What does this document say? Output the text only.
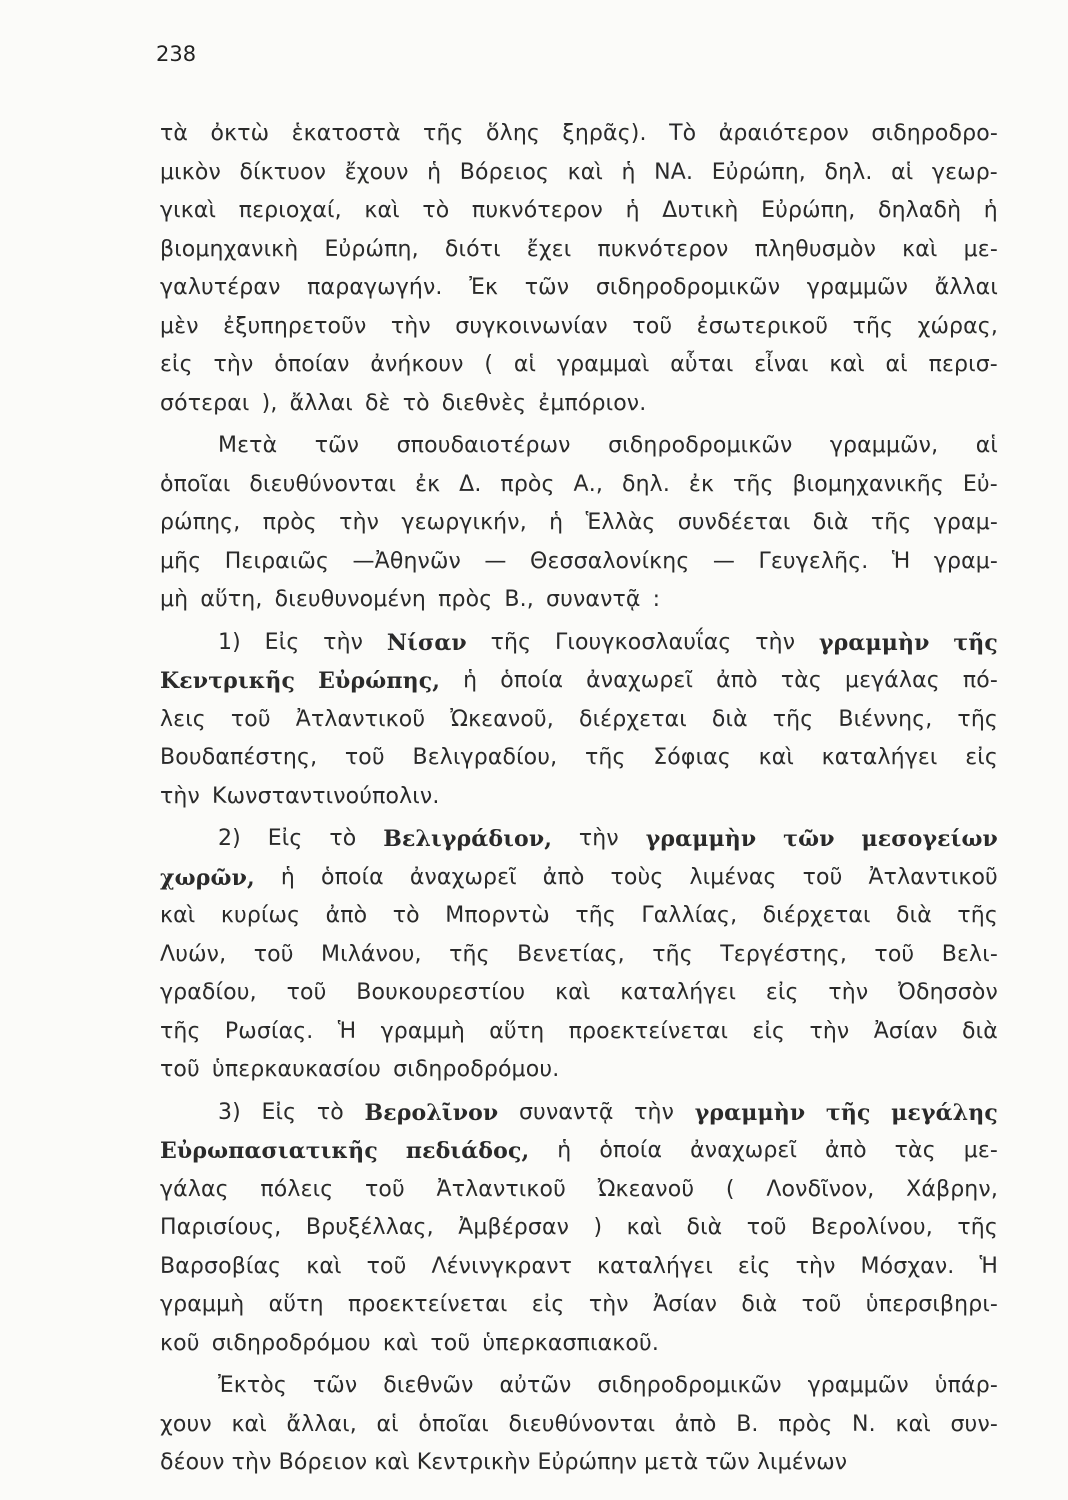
238
τὰ ὀκτὼ ἑκατοστὰ τῆς ὅλης ξηρᾶς). Τὸ ἀραιότερον σιδηροδρο-
μικὸν δίκτυον ἔχουν ἡ Βόρειος καὶ ἡ ΝΑ. Εὐρώπη, δηλ. αἱ γεωρ-
γικαὶ περιοχαί, καὶ τὸ πυκνότερον ἡ Δυτικὴ Εὐρώπη, δηλαδὴ ἡ
βιομηχανικὴ Εὐρώπη, διότι ἔχει πυκνότερον πληθυσμὸν καὶ με-
γαλυτέραν παραγωγήν. Ἐκ τῶν σιδηροδρομικῶν γραμμῶν ἄλλαι
μὲν ἐξυπηρετοῦν τὴν συγκοινωνίαν τοῦ ἐσωτερικοῦ τῆς χώρας,
εἰς τὴν ὁποίαν ἀνήκουν ( αἱ γραμμαὶ αὗται εἶναι καὶ αἱ περισ-
σότεραι ), ἄλλαι δὲ τὸ διεθνὲς ἐμπόριον.
Μετὰ τῶν σπουδαιοτέρων σιδηροδρομικῶν γραμμῶν, αἱ
ὁποῖαι διευθύνονται ἐκ Δ. πρὸς Α., δηλ. ἐκ τῆς βιομηχανικῆς Εὐ-
ρώπης, πρὸς τὴν γεωργικήν, ἡ Ἑλλὰς συνδέεται διὰ τῆς γραμ-
μῆς Πειραιῶς —Ἀθηνῶν — Θεσσαλονίκης — Γευγελῆς. Ἡ γραμ-
μὴ αὕτη, διευθυνομένη πρὸς Β., συναντᾷ :
1) Εἰς τὴν Νίσαν τῆς Γιουγκοσλαυΐας τὴν γραμμὴν τῆς
Κεντρικῆς Εὐρώπης, ἡ ὁποία ἀναχωρεῖ ἀπὸ τὰς μεγάλας πό-
λεις τοῦ Ἀτλαντικοῦ Ὠκεανοῦ, διέρχεται διὰ τῆς Βιέννης, τῆς
Βουδαπέστης, τοῦ Βελιγραδίου, τῆς Σόφιας καὶ καταλήγει εἰς
τὴν Κωνσταντινούπολιν.
2) Εἰς τὸ Βελιγράδιον, τὴν γραμμὴν τῶν μεσογείων
χωρῶν, ἡ ὁποία ἀναχωρεῖ ἀπὸ τοὺς λιμένας τοῦ Ἀτλαντικοῦ
καὶ κυρίως ἀπὸ τὸ Μπορντὼ τῆς Γαλλίας, διέρχεται διὰ τῆς
Λυών, τοῦ Μιλάνου, τῆς Βενετίας, τῆς Τεργέστης, τοῦ Βελι-
γραδίου, τοῦ Βουκουρεστίου καὶ καταλήγει εἰς τὴν Ὀδησσὸν
τῆς Ρωσίας. Ἡ γραμμὴ αὕτη προεκτείνεται εἰς τὴν Ἀσίαν διὰ
τοῦ ὑπερκαυκασίου σιδηροδρόμου.
3) Εἰς τὸ Βερολῖνον συναντᾷ τὴν γραμμὴν τῆς μεγάλης
Εὐρωπασιατικῆς πεδιάδος, ἡ ὁποία ἀναχωρεῖ ἀπὸ τὰς με-
γάλας πόλεις τοῦ Ἀτλαντικοῦ Ὠκεανοῦ ( Λονδῖνον, Χάβρην,
Παρισίους, Βρυξέλλας, Ἀμβέρσαν ) καὶ διὰ τοῦ Βερολίνου, τῆς
Βαρσοβίας καὶ τοῦ Λένινγκραντ καταλήγει εἰς τὴν Μόσχαν. Ἡ
γραμμὴ αὕτη προεκτείνεται εἰς τὴν Ἀσίαν διὰ τοῦ ὑπερσιβηρι-
κοῦ σιδηροδρόμου καὶ τοῦ ὑπερκασπιακοῦ.
Ἐκτὸς τῶν διεθνῶν αὐτῶν σιδηροδρομικῶν γραμμῶν ὑπάρ-
χουν καὶ ἄλλαι, αἱ ὁποῖαι διευθύνονται ἀπὸ Β. πρὸς Ν. καὶ συν-
δέουν τὴν Βόρειον καὶ Κεντρικὴν Εὐρώπην μετὰ τῶν λιμένων
